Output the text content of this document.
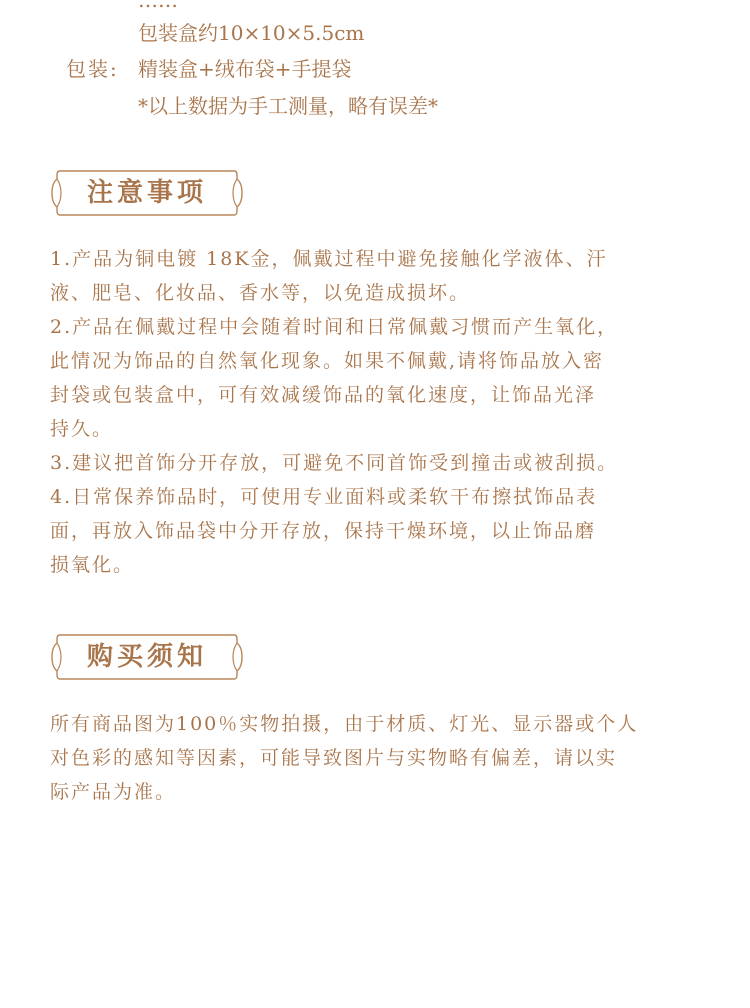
……
包装盒约10×10×5.5cm
包装: 精装盒+绒布袋+手提袋
*以上数据为手工测量，略有误差*
注意事项
1.产品为铜电镀 18K金，佩戴过程中避免接触化学液体、汗
液、肥皂、化妆品、香水等，以免造成损坏。
2.产品在佩戴过程中会随着时间和日常佩戴习惯而产生氧化，
此情况为饰品的自然氧化现象。如果不佩戴,请将饰品放入密
封袋或包装盒中，可有效减缓饰品的氧化速度，让饰品光泽
持久。
3.建议把首饰分开存放，可避免不同首饰受到撞击或被刮损。
4.日常保养饰品时，可使用专业面料或柔软干布擦拭饰品表
面，再放入饰品袋中分开存放，保持干燥环境，以止饰品磨
损氧化。
购买须知
所有商品图为100％实物拍摄，由于材质、灯光、显示器或个人
对色彩的感知等因素，可能导致图片与实物略有偏差，请以实
际产品为准。
